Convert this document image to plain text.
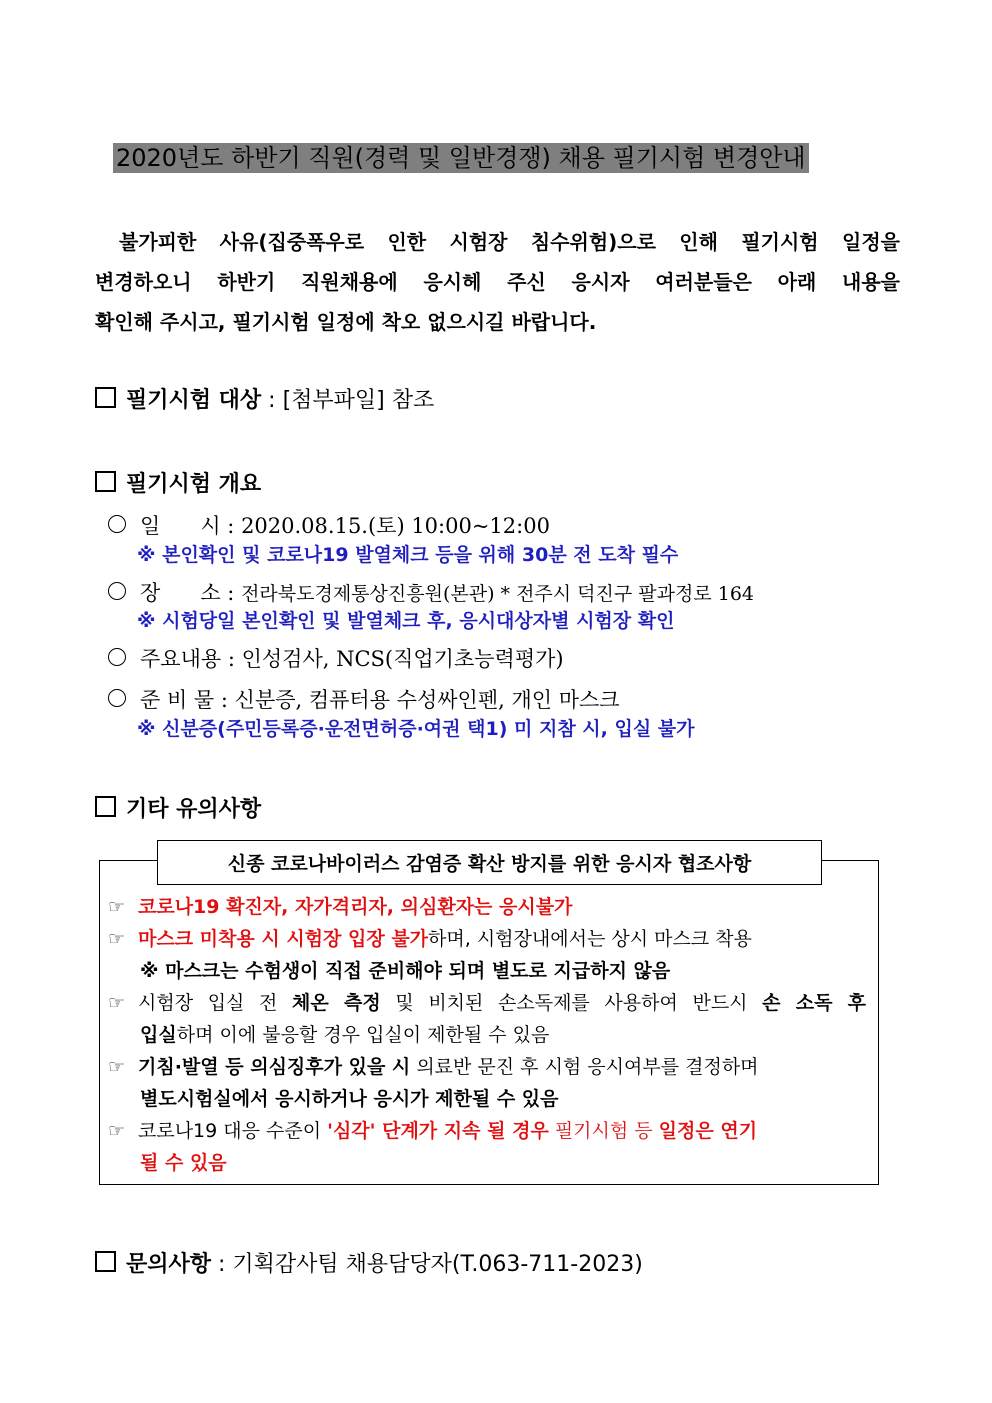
2020년도 하반기 직원(경력 및 일반경쟁) 채용 필기시험 변경안내
불가피한 사유(집중폭우로 인한 시험장 침수위험)으로 인해 필기시험 일정을
변경하오니 하반기 직원채용에 응시헤 주신 응시자 여러분들은 아래 내용을
확인해 주시고, 필기시험 일정에 착오 없으시길 바랍니다.
필기시험 대상 : [첨부파일] 참조
필기시험 개요
일      시 : 2020.08.15.(토) 10:00~12:00
※ 본인확인 및 코로나19 발열체크 등을 위해 30분 전 도착 필수
장      소 : 전라북도경제통상진흥원(본관) * 전주시 덕진구 팔과정로 164
※ 시험당일 본인확인 및 발열체크 후, 응시대상자별 시험장 확인
주요내용 : 인성검사, NCS(직업기초능력평가)
준 비 물 : 신분증, 컴퓨터용 수성싸인펜, 개인 마스크
※ 신분증(주민등록증·운전면허증·여권 택1) 미 지참 시, 입실 불가
기타 유의사항
신종 코로나바이러스 감염증 확산 방지를 위한 응시자 협조사항
☞ 코로나19 확진자, 자가격리자, 의심환자는 응시불가
☞ 마스크 미착용 시 시험장 입장 불가하며, 시험장내에서는 상시 마스크 착용
※ 마스크는 수험생이 직접 준비해야 되며 별도로 지급하지 않음
☞ 시험장 입실 전 체온 측정 및 비치된 손소독제를 사용하여 반드시 손 소독 후
입실하며 이에 불응할 경우 입실이 제한될 수 있음
☞ 기침·발열 등 의심징후가 있을 시 의료반 문진 후 시험 응시여부를 결정하며
별도시험실에서 응시하거나 응시가 제한될 수 있음
☞ 코로나19 대응 수준이 '심각' 단계가 지속 될 경우 필기시험 등 일정은 연기
될 수 있음
문의사항 : 기획감사팀 채용담당자(T.063-711-2023)
